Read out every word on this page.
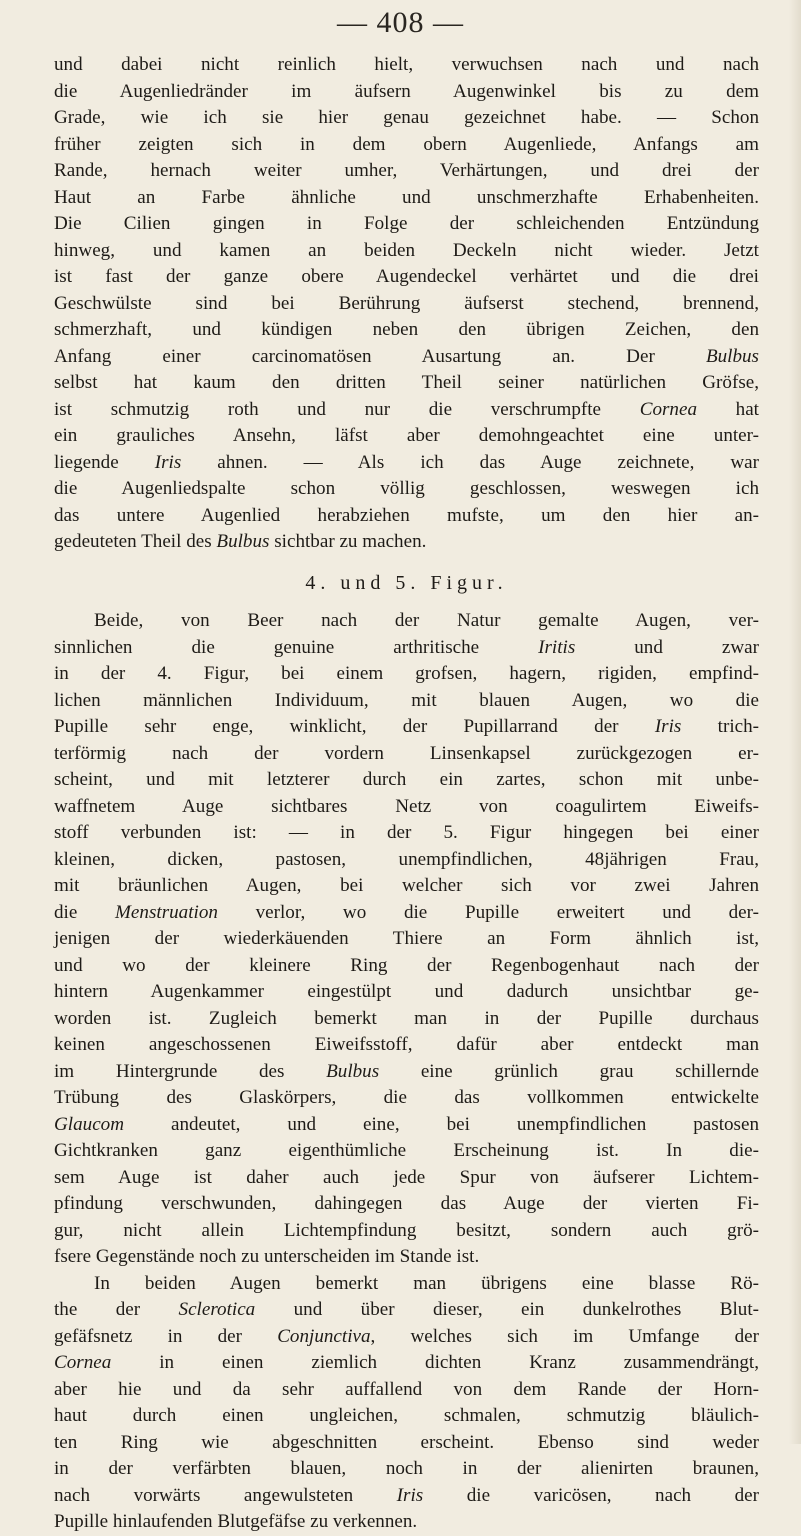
— 408 —
und dabei nicht reinlich hielt, verwuchsen nach und nach
die Augenliedränder im äufsern Augenwinkel bis zu dem
Grade, wie ich sie hier genau gezeichnet habe. — Schon
früher zeigten sich in dem obern Augenliede, Anfangs am
Rande, hernach weiter umher, Verhärtungen, und drei der
Haut an Farbe ähnliche und unschmerzhafte Erhabenheiten.
Die Cilien gingen in Folge der schleichenden Entzündung
hinweg, und kamen an beiden Deckeln nicht wieder. Jetzt
ist fast der ganze obere Augendeckel verhärtet und die drei
Geschwülste sind bei Berührung äufserst stechend, brennend,
schmerzhaft, und kündigen neben den übrigen Zeichen, den
Anfang einer carcinomatösen Ausartung an. Der Bulbus
selbst hat kaum den dritten Theil seiner natürlichen Gröfse,
ist schmutzig roth und nur die verschrumpfte Cornea hat
ein grauliches Ansehn, läfst aber demohngeachtet eine unter-
liegende Iris ahnen. — Als ich das Auge zeichnete, war
die Augenliedspalte schon völlig geschlossen, weswegen ich
das untere Augenlied herabziehen mufste, um den hier an-
gedeuteten Theil des Bulbus sichtbar zu machen.
4. und 5. Figur.
Beide, von Beer nach der Natur gemalte Augen, ver-
sinnlichen die genuine arthritische Iritis und zwar
in der 4. Figur, bei einem grofsen, hagern, rigiden, empfind-
lichen männlichen Individuum, mit blauen Augen, wo die
Pupille sehr enge, winklicht, der Pupillarrand der Iris trich-
terförmig nach der vordern Linsenkapsel zurückgezogen er-
scheint, und mit letzterer durch ein zartes, schon mit unbe-
waffnetem Auge sichtbares Netz von coagulirtem Eiweifs-
stoff verbunden ist: — in der 5. Figur hingegen bei einer
kleinen, dicken, pastosen, unempfindlichen, 48jährigen Frau,
mit bräunlichen Augen, bei welcher sich vor zwei Jahren
die Menstruation verlor, wo die Pupille erweitert und der-
jenigen der wiederkäuenden Thiere an Form ähnlich ist,
und wo der kleinere Ring der Regenbogenhaut nach der
hintern Augenkammer eingestülpt und dadurch unsichtbar ge-
worden ist. Zugleich bemerkt man in der Pupille durchaus
keinen angeschossenen Eiweifsstoff, dafür aber entdeckt man
im Hintergrunde des Bulbus eine grünlich grau schillernde
Trübung des Glaskörpers, die das vollkommen entwickelte
Glaucom andeutet, und eine, bei unempfindlichen pastosen
Gichtkranken ganz eigenthümliche Erscheinung ist. In die-
sem Auge ist daher auch jede Spur von äufserer Lichtem-
pfindung verschwunden, dahingegen das Auge der vierten Fi-
gur, nicht allein Lichtempfindung besitzt, sondern auch grö-
fsere Gegenstände noch zu unterscheiden im Stande ist.
In beiden Augen bemerkt man übrigens eine blasse Rö-
the der Sclerotica und über dieser, ein dunkelrothes Blut-
gefäfsnetz in der Conjunctiva, welches sich im Umfange der
Cornea in einen ziemlich dichten Kranz zusammendrängt,
aber hie und da sehr auffallend von dem Rande der Horn-
haut durch einen ungleichen, schmalen, schmutzig bläulich-
ten Ring wie abgeschnitten erscheint. Ebenso sind weder
in der verfärbten blauen, noch in der alienirten braunen,
nach vorwärts angewulsteten Iris die varicösen, nach der
Pupille hinlaufenden Blutgefäfse zu verkennen.
